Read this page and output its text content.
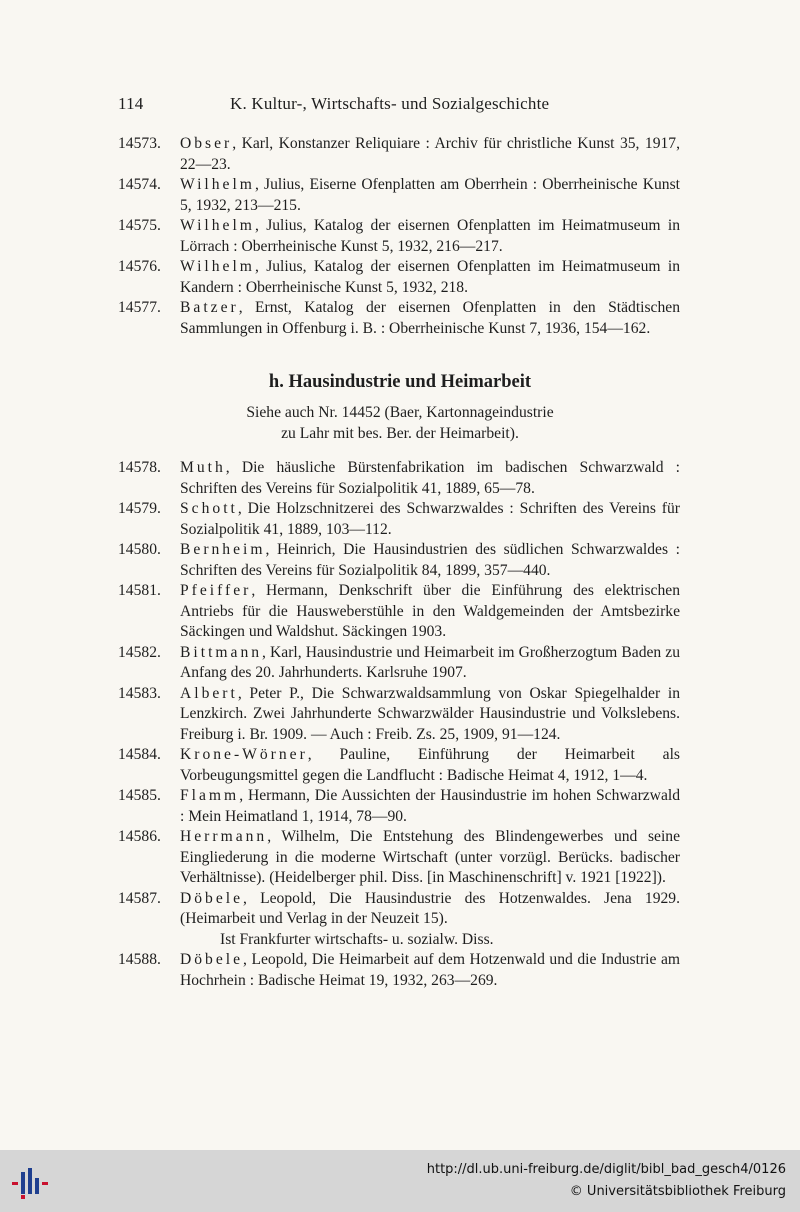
114	K. Kultur-, Wirtschafts- und Sozialgeschichte

14573. Obser, Karl, Konstanzer Reliquiare : Archiv für christliche Kunst 35, 1917, 22—23.

14574. Wilhelm, Julius, Eiserne Ofenplatten am Oberrhein : Oberrheinische Kunst 5, 1932, 213—215.

14575. Wilhelm, Julius, Katalog der eisernen Ofenplatten im Heimatmuseum in Lörrach : Oberrheinische Kunst 5, 1932, 216—217.

14576. Wilhelm, Julius, Katalog der eisernen Ofenplatten im Heimatmuseum in Kandern : Oberrheinische Kunst 5, 1932, 218.

14577. Batzer, Ernst, Katalog der eisernen Ofenplatten in den Städtischen Sammlungen in Offenburg i. B. : Oberrheinische Kunst 7, 1936, 154—162.

h. Hausindustrie und Heimarbeit
Siehe auch Nr. 14452 (Baer, Kartonnageindustrie
zu Lahr mit bes. Ber. der Heimarbeit).

14578. Muth, Die häusliche Bürstenfabrikation im badischen Schwarzwald : Schriften des Vereins für Sozialpolitik 41, 1889, 65—78.

14579. Schott, Die Holzschnitzerei des Schwarzwaldes : Schriften des Vereins für Sozialpolitik 41, 1889, 103—112.

14580. Bernheim, Heinrich, Die Hausindustrien des südlichen Schwarzwaldes : Schriften des Vereins für Sozialpolitik 84, 1899, 357—440.

14581. Pfeiffer, Hermann, Denkschrift über die Einführung des elektrischen Antriebs für die Hausweberstühle in den Waldgemeinden der Amtsbezirke Säckingen und Waldshut. Säckingen 1903.

14582. Bittmann, Karl, Hausindustrie und Heimarbeit im Großherzogtum Baden zu Anfang des 20. Jahrhunderts. Karlsruhe 1907.

14583. Albert, Peter P., Die Schwarzwaldsammlung von Oskar Spiegelhalder in Lenzkirch. Zwei Jahrhunderte Schwarzwälder Hausindustrie und Volkslebens. Freiburg i. Br. 1909. — Auch : Freib. Zs. 25, 1909, 91—124.

14584. Krone-Wörner, Pauline, Einführung der Heimarbeit als Vorbeugungsmittel gegen die Landflucht : Badische Heimat 4, 1912, 1—4.

14585. Flamm, Hermann, Die Aussichten der Hausindustrie im hohen Schwarzwald : Mein Heimatland 1, 1914, 78—90.

14586. Herrmann, Wilhelm, Die Entstehung des Blindengewerbes und seine Eingliederung in die moderne Wirtschaft (unter vorzügl. Berücks. badischer Verhältnisse). (Heidelberger phil. Diss. [in Maschinenschrift] v. 1921 [1922]).

14587. Döbele, Leopold, Die Hausindustrie des Hotzenwaldes. Jena 1929. (Heimarbeit und Verlag in der Neuzeit 15).
Ist Frankfurter wirtschafts- u. sozialw. Diss.

14588. Döbele, Leopold, Die Heimarbeit auf dem Hotzenwald und die Industrie am Hochrhein : Badische Heimat 19, 1932, 263—269.

http://dl.ub.uni-freiburg.de/diglit/bibl_bad_gesch4/0126
© Universitätsbibliothek Freiburg
